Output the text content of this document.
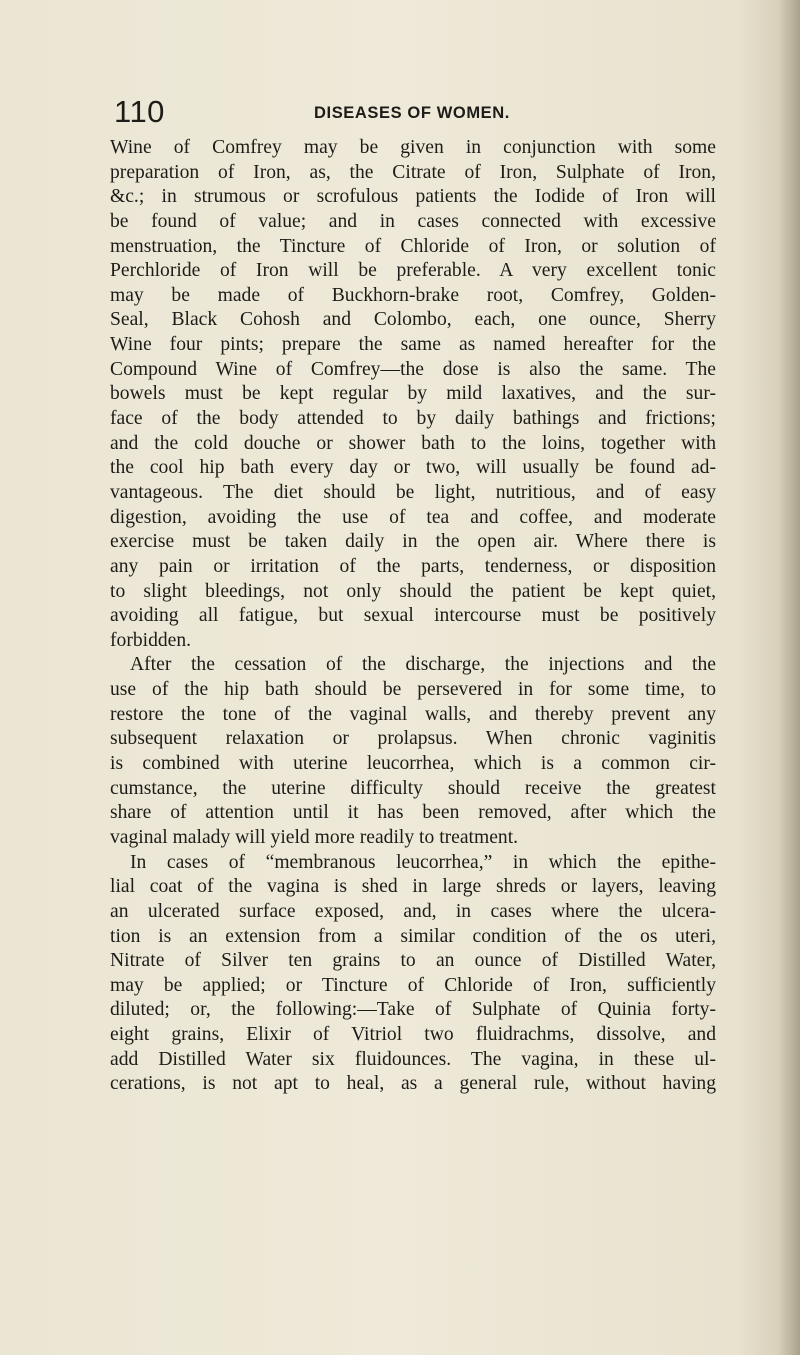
110	DISEASES OF WOMEN.
Wine of Comfrey may be given in conjunction with some
preparation of Iron, as, the Citrate of Iron, Sulphate of Iron,
&c.; in strumous or scrofulous patients the Iodide of Iron will
be found of value; and in cases connected with excessive
menstruation, the Tincture of Chloride of Iron, or solution of
Perchloride of Iron will be preferable. A very excellent tonic
may be made of Buckhorn-brake root, Comfrey, Golden-
Seal, Black Cohosh and Colombo, each, one ounce, Sherry
Wine four pints; prepare the same as named hereafter for the
Compound Wine of Comfrey—the dose is also the same. The
bowels must be kept regular by mild laxatives, and the sur-
face of the body attended to by daily bathings and frictions;
and the cold douche or shower bath to the loins, together with
the cool hip bath every day or two, will usually be found ad-
vantageous. The diet should be light, nutritious, and of easy
digestion, avoiding the use of tea and coffee, and moderate
exercise must be taken daily in the open air. Where there is
any pain or irritation of the parts, tenderness, or disposition
to slight bleedings, not only should the patient be kept quiet,
avoiding all fatigue, but sexual intercourse must be positively
forbidden.
After the cessation of the discharge, the injections and the
use of the hip bath should be persevered in for some time, to
restore the tone of the vaginal walls, and thereby prevent any
subsequent relaxation or prolapsus. When chronic vaginitis
is combined with uterine leucorrhea, which is a common cir-
cumstance, the uterine difficulty should receive the greatest
share of attention until it has been removed, after which the
vaginal malady will yield more readily to treatment.
In cases of “membranous leucorrhea,” in which the epithe-
lial coat of the vagina is shed in large shreds or layers, leaving
an ulcerated surface exposed, and, in cases where the ulcera-
tion is an extension from a similar condition of the os uteri,
Nitrate of Silver ten grains to an ounce of Distilled Water,
may be applied; or Tincture of Chloride of Iron, sufficiently
diluted; or, the following:—Take of Sulphate of Quinia forty-
eight grains, Elixir of Vitriol two fluidrachms, dissolve, and
add Distilled Water six fluidounces. The vagina, in these ul-
cerations, is not apt to heal, as a general rule, without having
